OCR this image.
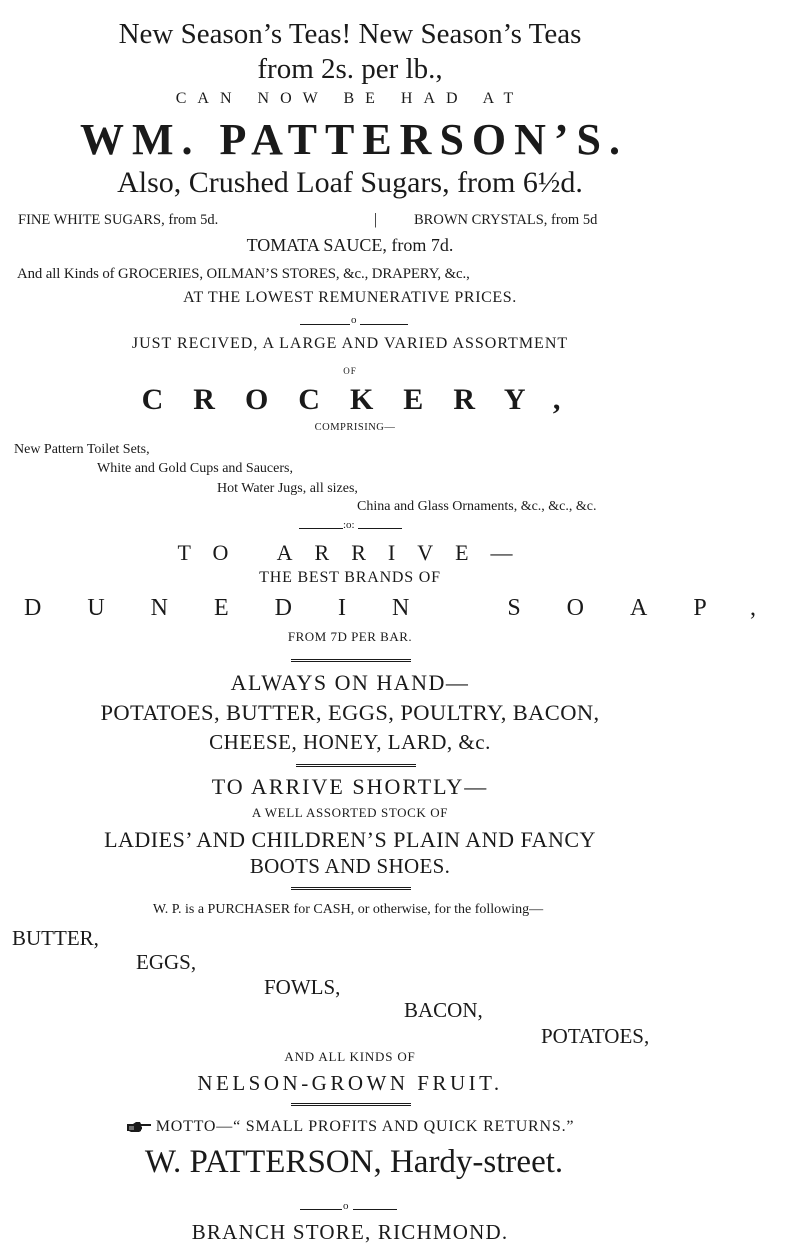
New Season’s Teas! New Season’s Teas
from 2s. per lb.,
CAN NOW BE HAD AT
WM. PATTERSON’S.
Also, Crushed Loaf Sugars, from 6½d.
FINE WHITE SUGARS, from 5d.	|	BROWN CRYSTALS, from 5d
TOMATA SAUCE, from 7d.
And all Kinds of GROCERIES, OILMAN’S STORES, &c., DRAPERY, &c.,
AT THE LOWEST REMUNERATIVE PRICES.
o
JUST RECIVED, A LARGE AND VARIED ASSORTMENT
OF
CROCKERY,
COMPRISING—
New Pattern Toilet Sets,
White and Gold Cups and Saucers,
Hot Water Jugs, all sizes,
China and Glass Ornaments, &c., &c., &c.
:o:
TO ARRIVE—
THE BEST BRANDS OF
DUNEDIN SOAP,
FROM 7D PER BAR.
ALWAYS ON HAND—
POTATOES, BUTTER, EGGS, POULTRY, BACON,
CHEESE, HONEY, LARD, &c.
TO ARRIVE SHORTLY—
A WELL ASSORTED STOCK OF
LADIES’ AND CHILDREN’S PLAIN AND FANCY
BOOTS AND SHOES.
W. P. is a PURCHASER for CASH, or otherwise, for the following—
BUTTER,
EGGS,
FOWLS,
BACON,
POTATOES,
AND ALL KINDS OF
NELSON-GROWN FRUIT.
MOTTO—“ SMALL PROFITS AND QUICK RETURNS.”
W. PATTERSON, Hardy-street.
o
BRANCH STORE, RICHMOND.
